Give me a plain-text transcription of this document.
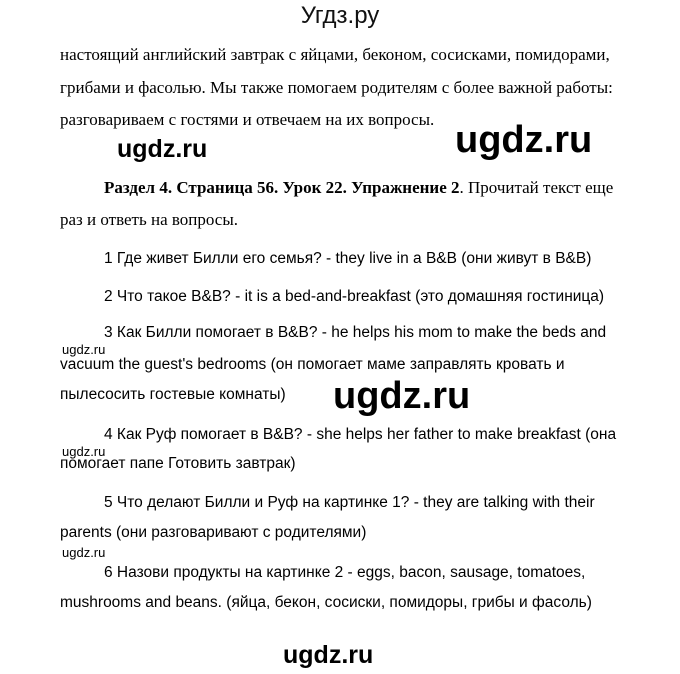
Угдз.ру
настоящий английский завтрак с яйцами, беконом, сосисками, помидорами,
грибами и фасолью. Мы также помогаем родителям с более важной работы:
разговариваем с гостями и отвечаем на их вопросы.
ugdz.ru	ugdz.ru
Раздел 4. Страница 56. Урок 22. Упражнение 2. Прочитай текст еще
раз и ответь на вопросы.
1 Где живет Билли его семья? - they live in a B&B (они живут в B&B)
2 Что такое B&B? - it is a bed-and-breakfast (это домашняя гостиница)
3 Как Билли помогает в B&B? - he helps his mom to make the beds and
ugdz.ru
vacuum the guest's bedrooms (он помогает маме заправлять кровать и
пылесосить гостевые комнаты) ugdz.ru
ugdz.ru
4 Как Руф помогает в B&B? - she helps her father to make breakfast (она
помогает папе Готовить завтрак)
5 Что делают Билли и Руф на картинке 1? - they are talking with their
parents (они разговаривают с родителями)
ugdz.ru
6 Назови продукты на картинке 2 - eggs, bacon, sausage, tomatoes,
mushrooms and beans. (яйца, бекон, сосиски, помидоры, грибы и фасоль)
ugdz.ru
